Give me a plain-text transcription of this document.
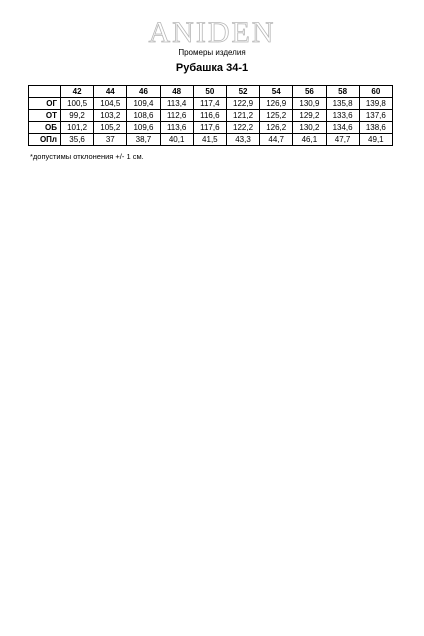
ANIDEN
Промеры изделия
Рубашка 34-1
	42	44	46	48	50	52	54	56	58	60
ОГ	100,5	104,5	109,4	113,4	117,4	122,9	126,9	130,9	135,8	139,8
ОТ	99,2	103,2	108,6	112,6	116,6	121,2	125,2	129,2	133,6	137,6
ОБ	101,2	105,2	109,6	113,6	117,6	122,2	126,2	130,2	134,6	138,6
ОПл	35,6	37	38,7	40,1	41,5	43,3	44,7	46,1	47,7	49,1
*допустимы отклонения +/- 1 см.
